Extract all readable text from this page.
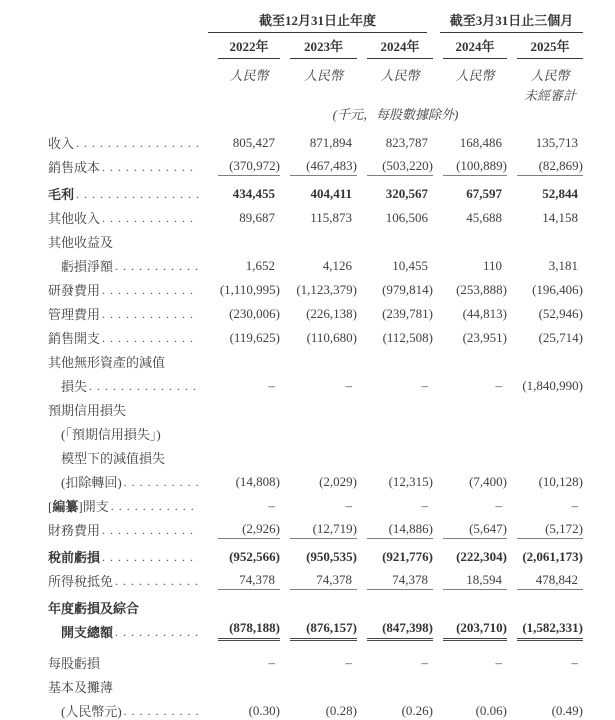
截至12月31日止年度	截至3月31日止三個月
2022年	2023年	2024年	2024年	2025年
人民幣	人民幣	人民幣	人民幣	人民幣
未經審計
(千元，每股數據除外)
收入 . . .	805,427	871,894	823,787	168,486	135,713
銷售成本 . . .	(370,972)	(467,483)	(503,220)	(100,889)	(82,869)
毛利 . . .	434,455	404,411	320,567	67,597	52,844
其他收入 . . .	89,687	115,873	106,506	45,688	14,158
其他收益及
虧損淨額 . . .	1,652	4,126	10,455	110	3,181
研發費用 . . .	(1,110,995)	(1,123,379)	(979,814)	(253,888)	(196,406)
管理費用 . . .	(230,006)	(226,138)	(239,781)	(44,813)	(52,946)
銷售開支 . . .	(119,625)	(110,680)	(112,508)	(23,951)	(25,714)
其他無形資產的減值
損失 . . .	–	–	–	–	(1,840,990)
預期信用損失
(「預期信用損失」)
模型下的減值損失
(扣除轉回) . . .	(14,808)	(2,029)	(12,315)	(7,400)	(10,128)
[編纂]開支 . . .	–	–	–	–	–
財務費用 . . .	(2,926)	(12,719)	(14,886)	(5,647)	(5,172)
稅前虧損 . . .	(952,566)	(950,535)	(921,776)	(222,304)	(2,061,173)
所得稅抵免 . . .	74,378	74,378	74,378	18,594	478,842
年度虧損及綜合
開支總額 . . .	(878,188)	(876,157)	(847,398)	(203,710)	(1,582,331)
每股虧損	–	–	–	–	–
基本及攤薄
(人民幣元) . . .	(0.30)	(0.28)	(0.26)	(0.06)	(0.49)
